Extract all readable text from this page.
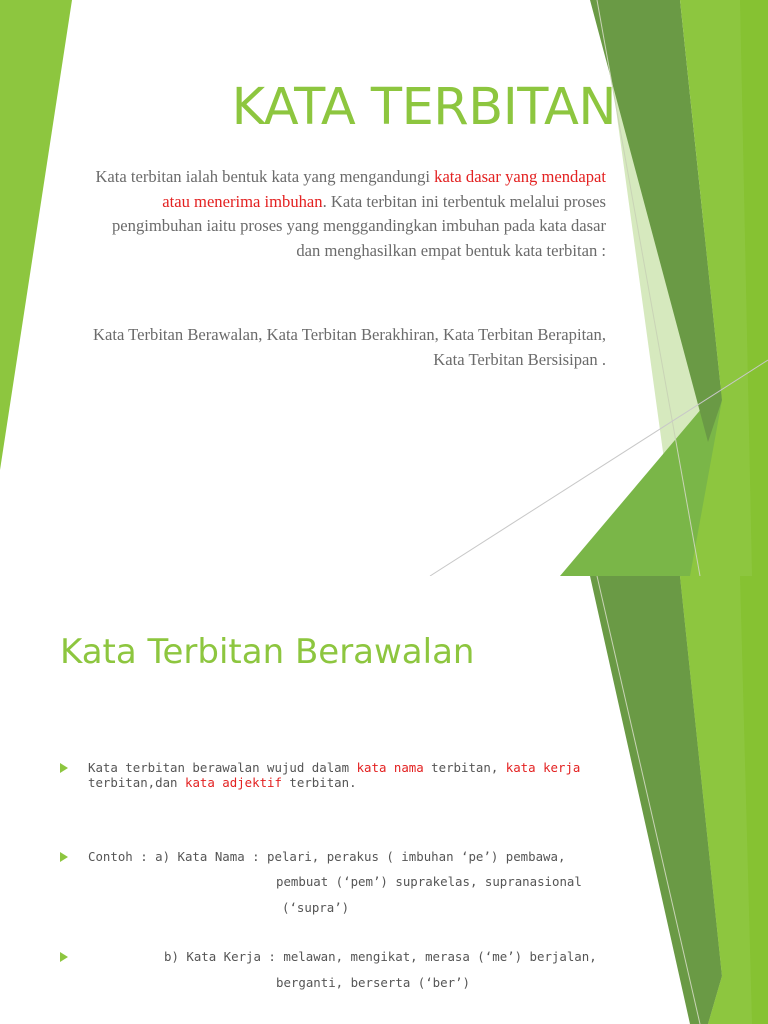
KATA TERBITAN
Kata terbitan ialah bentuk kata yang mengandungi kata dasar yang mendapat atau menerima imbuhan. Kata terbitan ini terbentuk melalui proses pengimbuhan iaitu proses yang menggandingkan imbuhan pada kata dasar dan menghasilkan empat bentuk kata terbitan :
Kata Terbitan Berawalan, Kata Terbitan Berakhiran, Kata Terbitan Berapitan, Kata Terbitan Bersisipan .
Kata Terbitan Berawalan
Kata terbitan berawalan wujud dalam kata nama terbitan, kata kerja
terbitan,dan kata adjektif terbitan.
Contoh : a) Kata Nama : pelari, perakus ( imbuhan ‘pe’) pembawa,
pembuat (‘pem’) suprakelas, supranasional
(‘supra’)
b) Kata Kerja : melawan, mengikat, merasa (‘me’) berjalan,
berganti, berserta (‘ber’)
